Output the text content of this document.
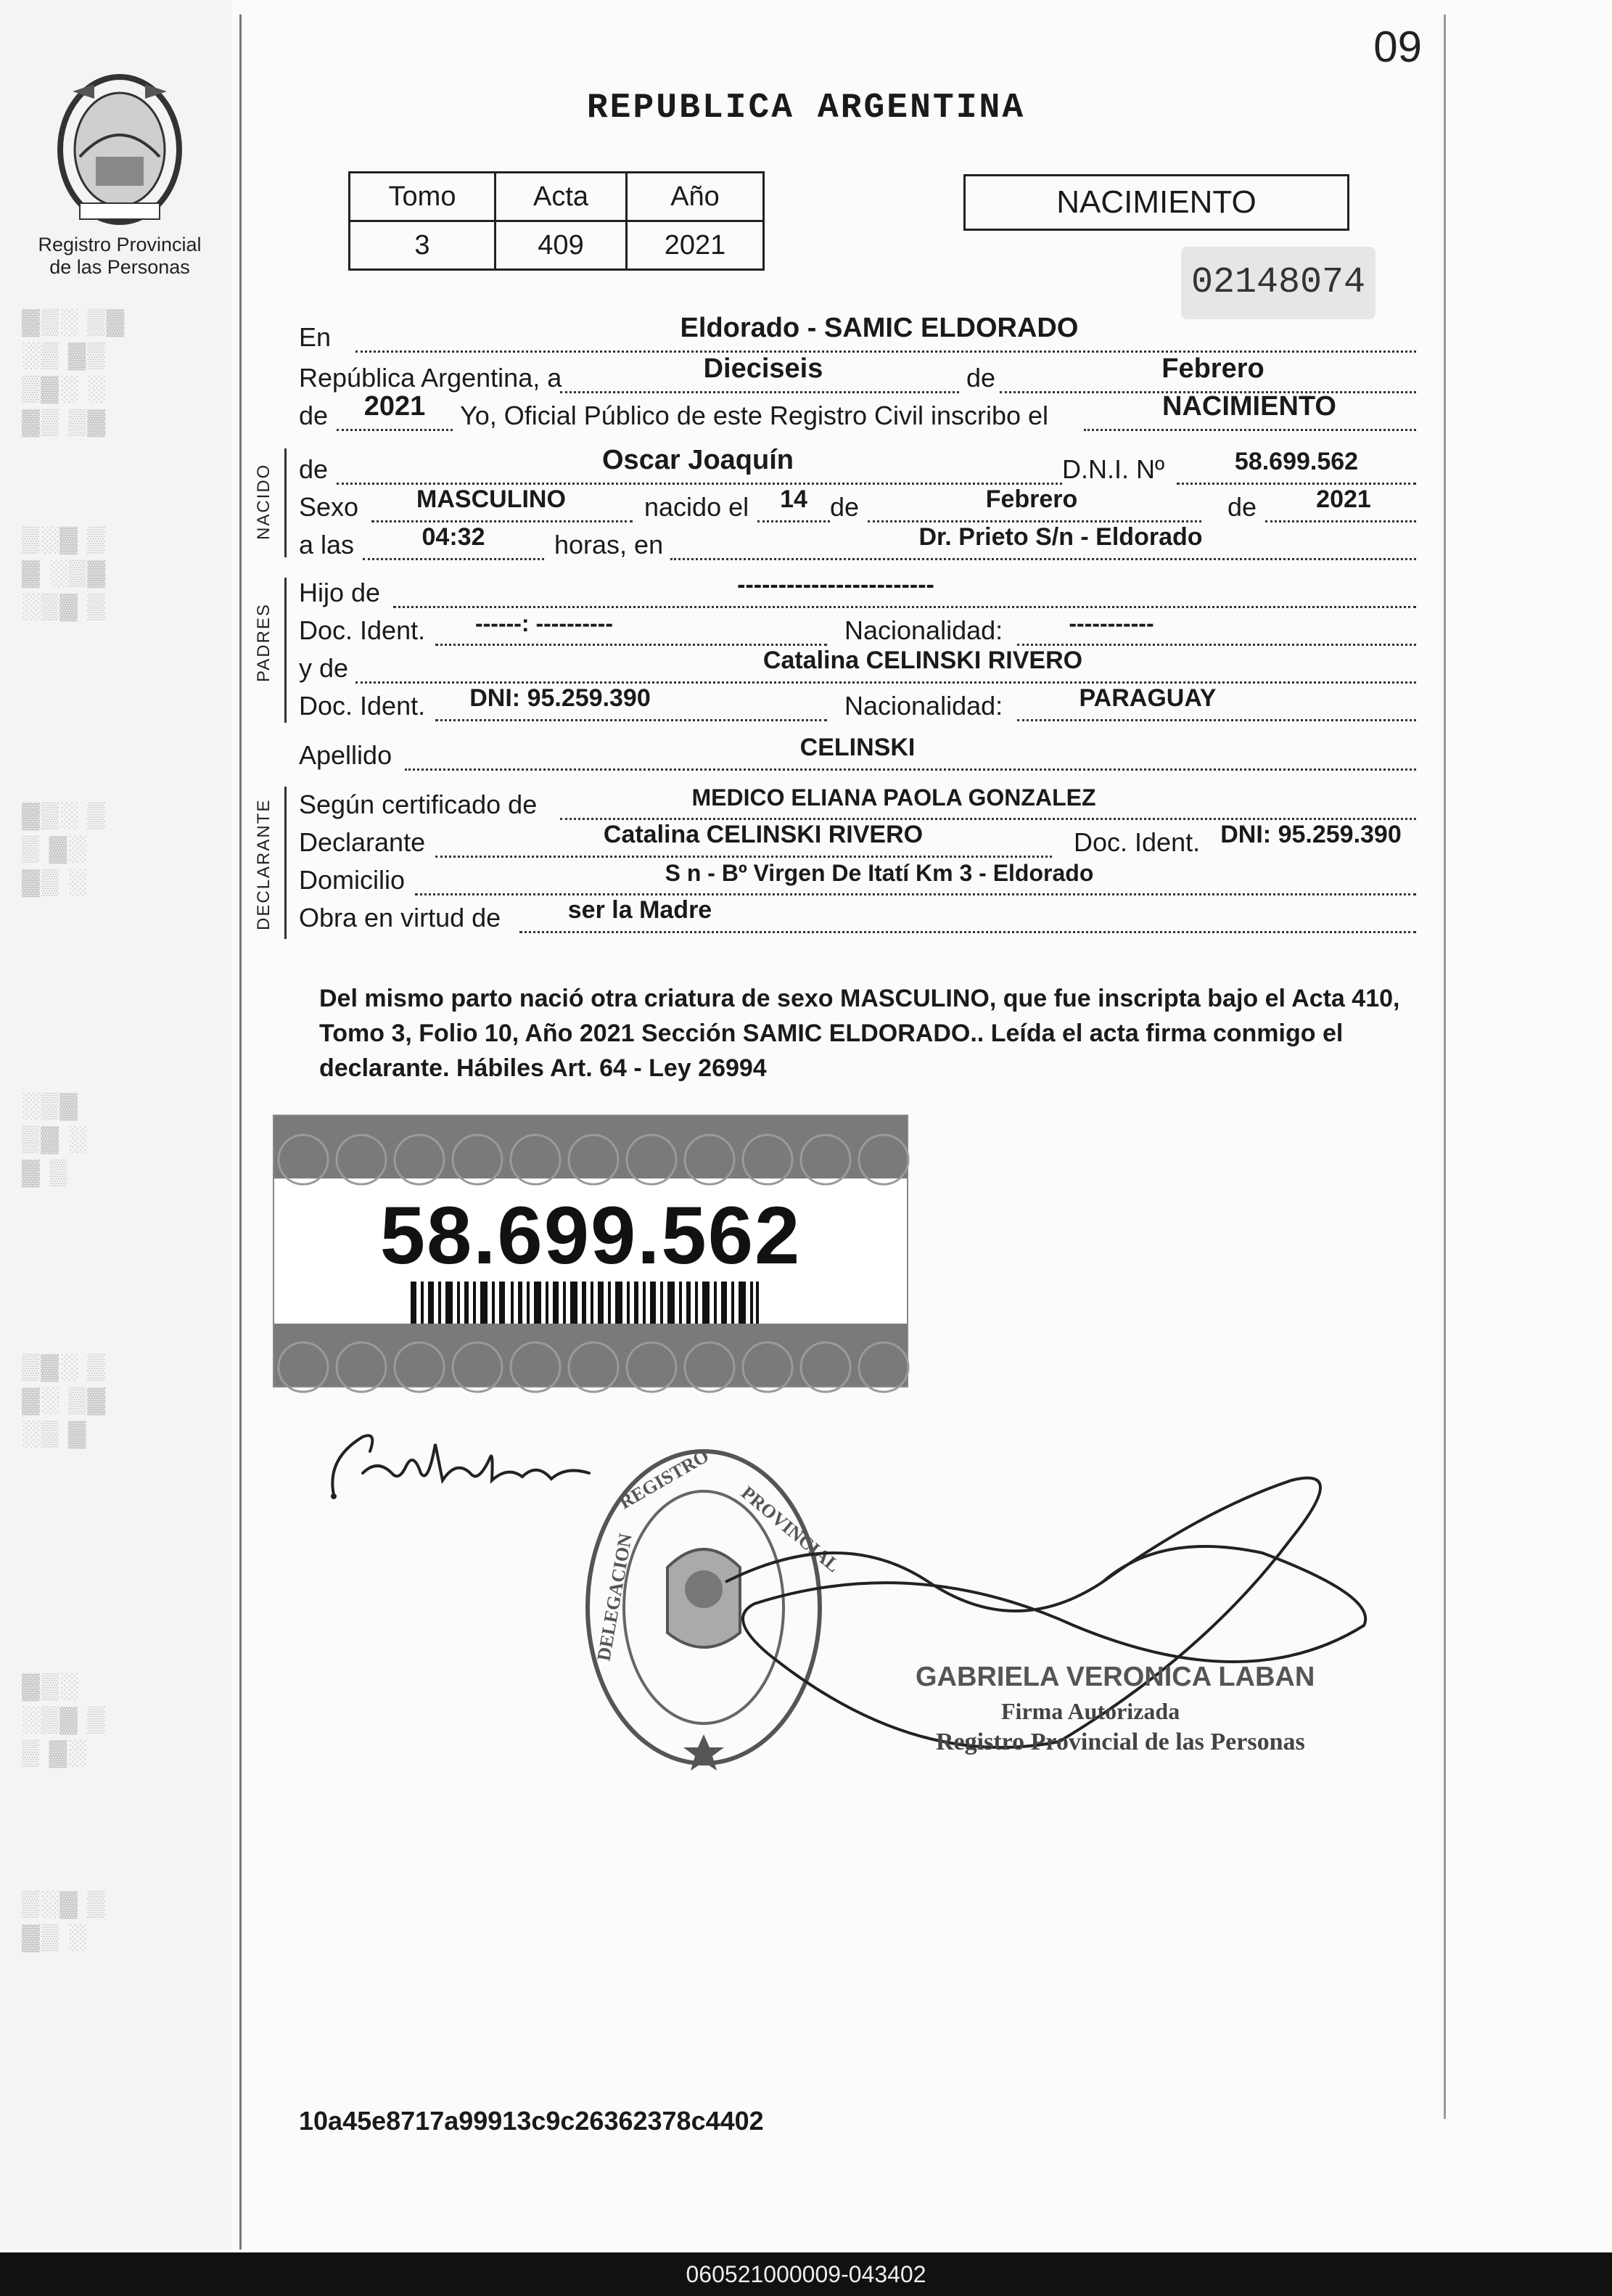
▓▒░ ▒▓
░▒ ▓▒
▒▓░ ░
▓▒ ▒▓
▒░▓ ▒
▓ ░▒▓
░▒▓ ▒
▓▒░ ▒
▒ ▓░
▓▒ ░
░▒▓
▒▓ ░
▓ ▒
▒▓░ ▒
▓░ ▒▓
░▒ ▓
▓▒░
░▒▓ ▒
▒ ▓░
▒░▓ ▒
▓▒ ░
Registro Provincial
de las Personas
09
REPUBLICA ARGENTINA
Tomo	Acta	Año
3	409	2021
NACIMIENTO
02148074
En	Eldorado - SAMIC ELDORADO
República Argentina, a	Dieciseis	de	Febrero
de	2021	Yo, Oficial Público de este Registro Civil inscribo el	NACIMIENTO
NACIDO de	Oscar Joaquín	D.N.I. Nº	58.699.562
Sexo	MASCULINO	nacido el	14 de	Febrero	de	2021
a las	04:32	horas, en	Dr. Prieto S/n - Eldorado
PADRES
Hijo de	------------------------
Doc. Ident.	------: ----------	Nacionalidad:	-----------
y de	Catalina CELINSKI RIVERO
Doc. Ident.	DNI: 95.259.390	Nacionalidad:	PARAGUAY
Apellido	CELINSKI
DECLARANTE Según certificado de	MEDICO ELIANA PAOLA GONZALEZ
Declarante	Catalina CELINSKI RIVERO	Doc. Ident. DNI: 95.259.390
Domicilio	S n - Bº Virgen De Itatí Km 3 - Eldorado
Obra en virtud de	ser la Madre
Del mismo parto nació otra criatura de sexo MASCULINO, que fue inscripta bajo el Acta 410, Tomo 3, Folio 10, Año 2021 Sección SAMIC ELDORADO.. Leída el acta firma conmigo el declarante. Hábiles Art. 64 - Ley 26994
58.699.562
REGISTRO
PROVINCIAL
DELEGACION
GABRIELA VERONICA LABAN
Firma Autorizada
Registro Provincial de las Personas
10a45e8717a99913c9c26362378c4402
060521000009-043402
